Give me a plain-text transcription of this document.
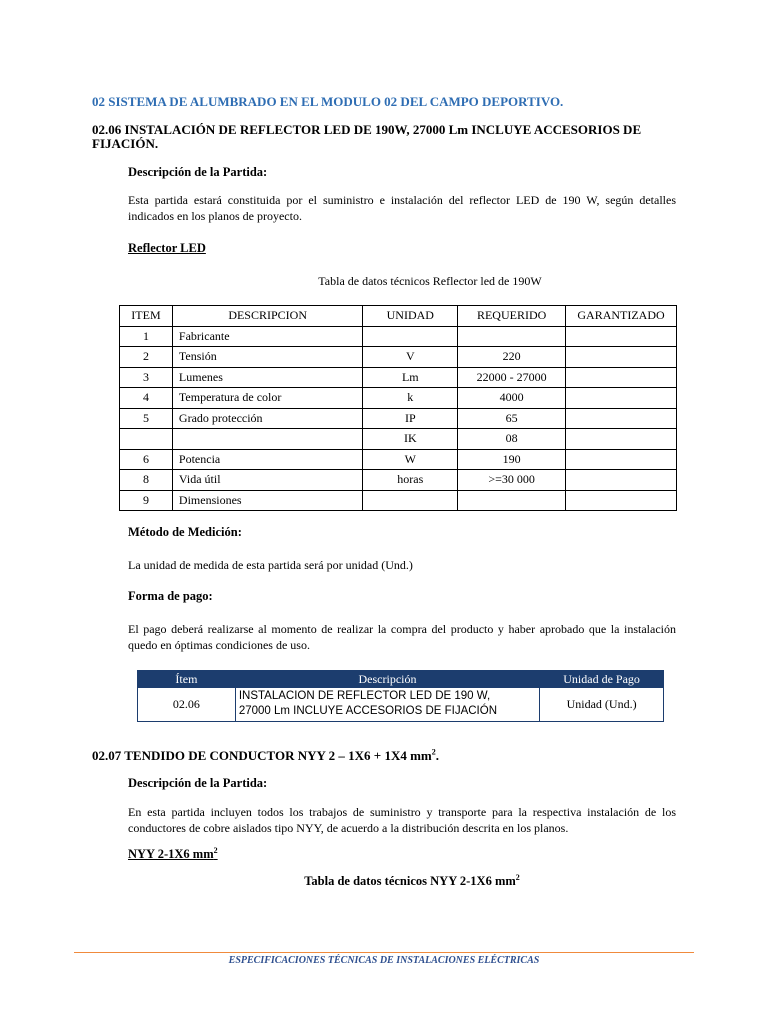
02 SISTEMA DE ALUMBRADO EN EL MODULO 02 DEL CAMPO DEPORTIVO.
02.06 INSTALACIÓN DE REFLECTOR LED DE 190W, 27000 Lm INCLUYE ACCESORIOS DE FIJACIÓN.
Descripción de la Partida:
Esta partida estará constituida por el suministro e instalación del reflector LED de 190 W, según detalles indicados en los planos de proyecto.
Reflector LED
Tabla de datos técnicos Reflector led de 190W
ITEM	DESCRIPCION	UNIDAD	REQUERIDO	GARANTIZADO
1	Fabricante			
2	Tensión	V	220	
3	Lumenes	Lm	22000 - 27000	
4	Temperatura de color	k	4000	
5	Grado protección	IP	65	
		IK	08	
6	Potencia	W	190	
8	Vida útil	horas	>=30 000	
9	Dimensiones			
Método de Medición:
La unidad de medida de esta partida será por unidad (Und.)
Forma de pago:
El pago deberá realizarse al momento de realizar la compra del producto y haber aprobado que la instalación quedo en óptimas condiciones de uso.
Ítem	Descripción	Unidad de Pago
02.06	INSTALACION DE REFLECTOR LED DE 190 W,
27000 Lm INCLUYE ACCESORIOS DE FIJACIÓN	Unidad (Und.)
02.07 TENDIDO DE CONDUCTOR NYY 2 – 1X6 + 1X4 $mm^2$.
Descripción de la Partida:
En esta partida incluyen todos los trabajos de suministro y transporte para la respectiva instalación de los conductores de cobre aislados tipo NYY, de acuerdo a la distribución descrita en los planos.
NYY 2-1X6 $mm^2$
Tabla de datos técnicos NYY 2-1X6 $mm^2$
ESPECIFICACIONES TÉCNICAS DE INSTALACIONES ELÉCTRICAS
